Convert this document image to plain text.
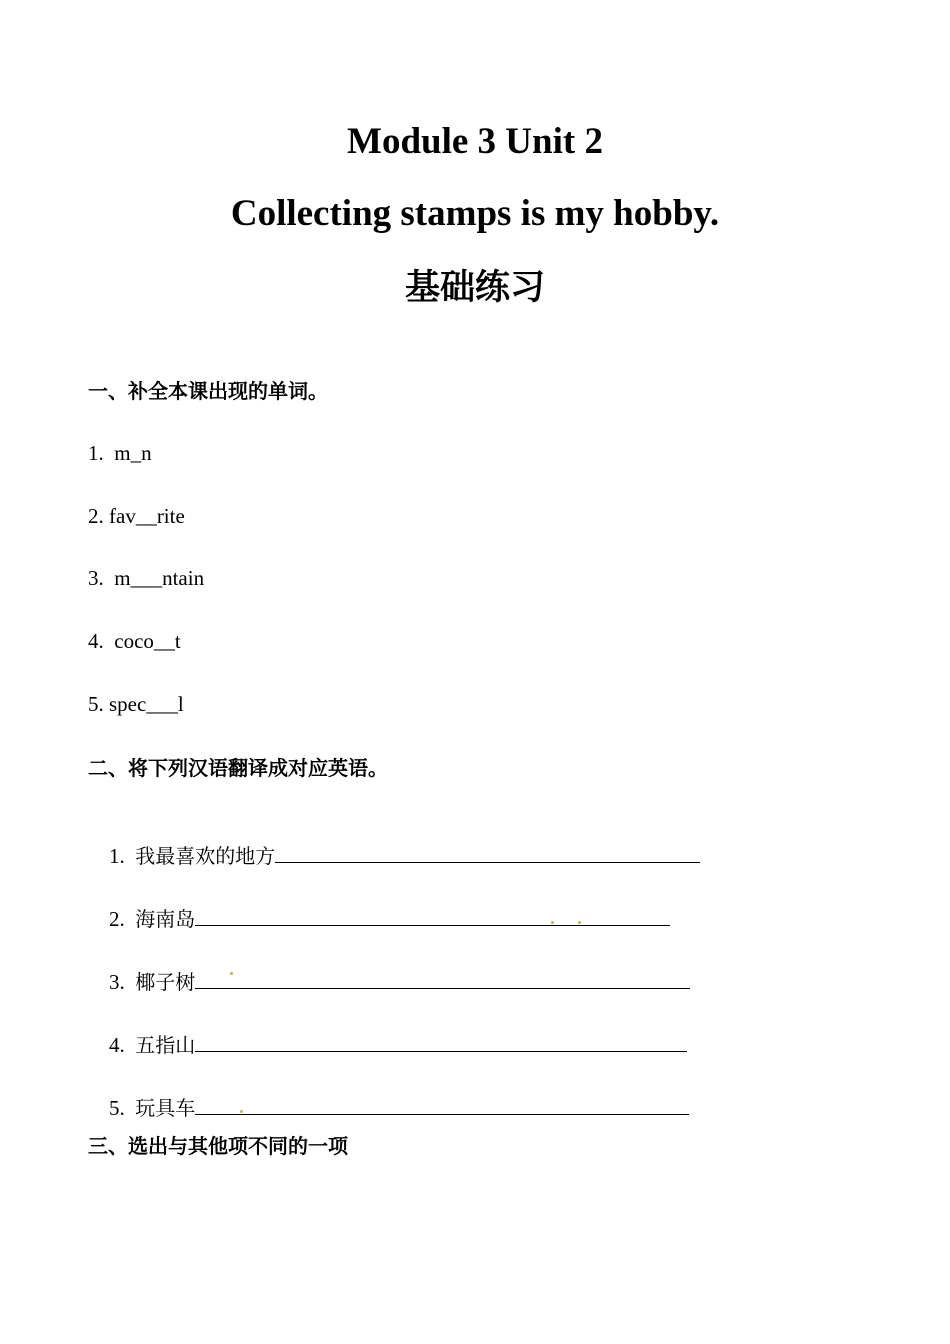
Module 3 Unit 2
Collecting stamps is my hobby.
基础练习

一、补全本课出现的单词。

1.  m_n

2. fav__rite

3.  m___ntain

4.  coco__t

5. spec___l

二、将下列汉语翻译成对应英语。

1. 我最喜欢的地方

2. 海南岛

3. 椰子树

4. 五指山

5. 玩具车

三、选出与其他项不同的一项
